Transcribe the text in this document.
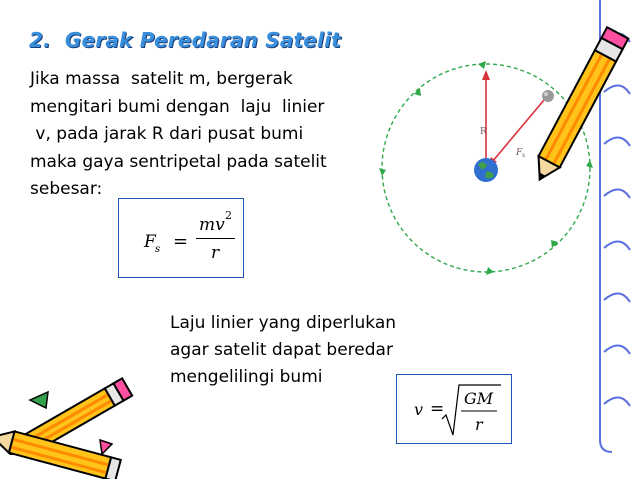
2. Gerak Peredaran Satelit
Jika massa  satelit m, bergerak
mengitari bumi dengan  laju  linier
v, pada jarak R dari pusat bumi
maka gaya sentripetal pada satelit
sebesar:
F s =
mv 2
r
Laju linier yang diperlukan
agar satelit dapat beredar
mengelilingi bumi
v =
GM
r
R
F s
